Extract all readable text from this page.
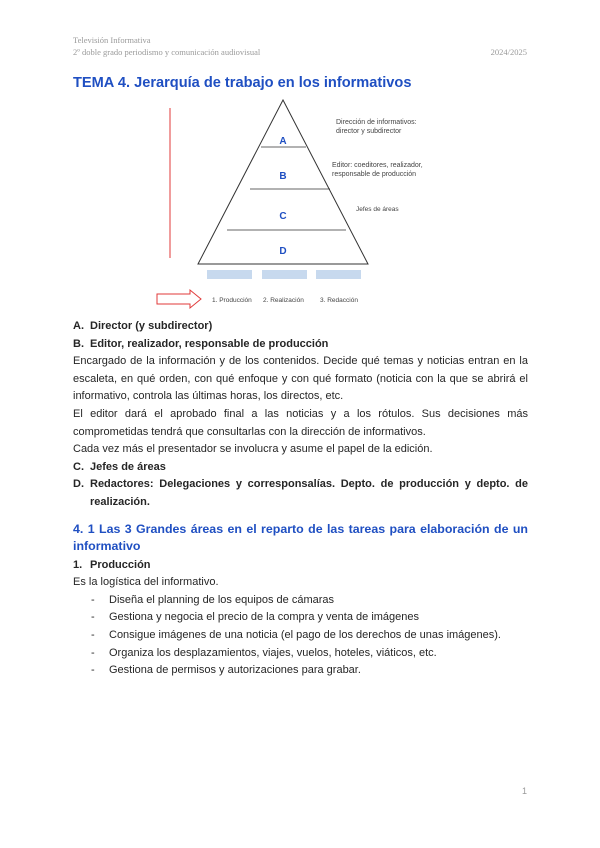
Televisión Informativa
2º doble grado periodismo y comunicación audiovisual	2024/2025
TEMA 4. Jerarquía de trabajo en los informativos
A
B
C
D
Dirección de informativos:
director y subdirector
Editor: coeditores, realizador,
responsable de producción
Jefes de áreas
1. Producción 2. Realización 3. Redacción
A. Director (y subdirector)
B. Editor, realizador, responsable de producción

Encargado de la información y de los contenidos. Decide qué temas y noticias entran en la escaleta, en qué orden, con qué enfoque y con qué formato (noticia con la que se abrirá el informativo, controla las últimas horas, los directos, etc.

El editor dará el aprobado final a las noticias y a los rótulos. Sus decisiones más comprometidas tendrá que consultarlas con la dirección de informativos.

Cada vez más el presentador se involucra y asume el papel de la edición.

C. Jefes de áreas
D. Redactores: Delegaciones y corresponsalías. Depto. de producción y depto. de realización.

4. 1 Las 3 Grandes áreas en el reparto de las tareas para elaboración de un informativo

1. Producción

Es la logística del informativo.

- Diseña el planning de los equipos de cámaras
- Gestiona y negocia el precio de la compra y venta de imágenes
- Consigue imágenes de una noticia (el pago de los derechos de unas imágenes).
- Organiza los desplazamientos, viajes, vuelos, hoteles, viáticos, etc.
- Gestiona de permisos y autorizaciones para grabar.
1
